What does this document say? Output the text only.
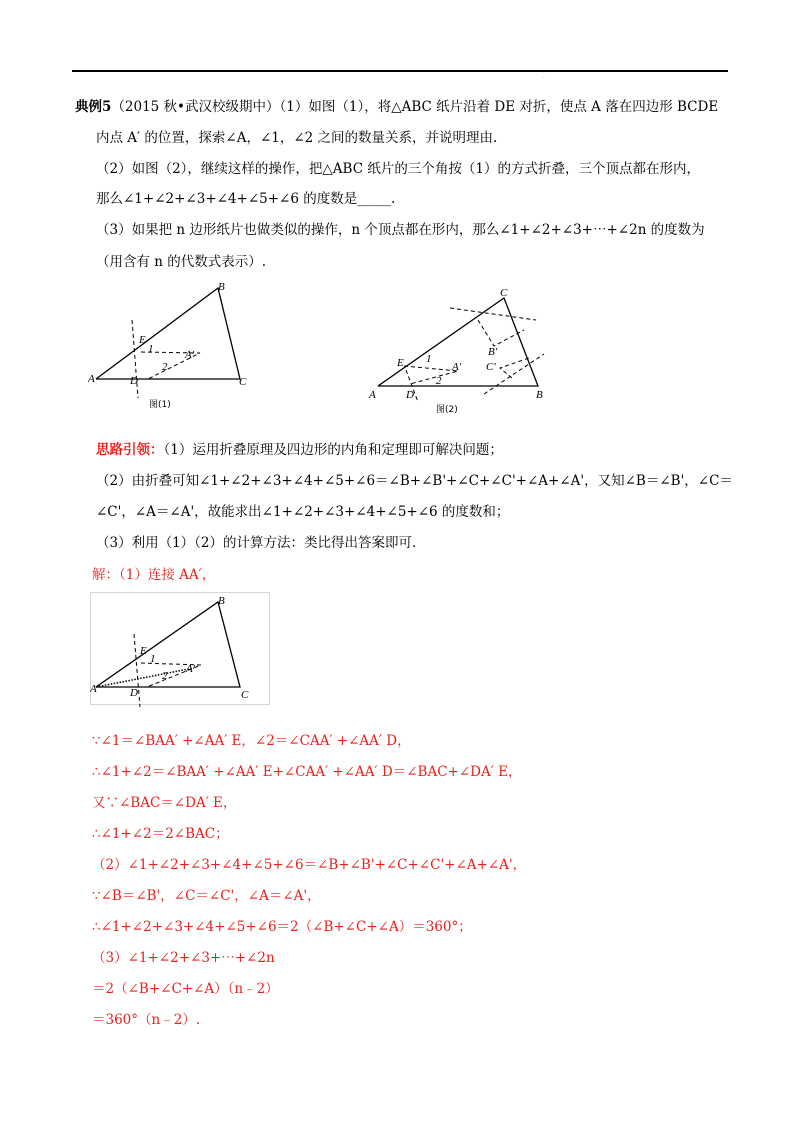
.
典例5（2015 秋•武汉校级期中）（1）如图（1），将△ABC 纸片沿着 DE 对折，使点 A 落在四边形 BCDE
内点 A′ 的位置，探索∠A，∠1，∠2 之间的数量关系，并说明理由.
（2）如图（2），继续这样的操作，把△ABC 纸片的三个角按（1）的方式折叠，三个顶点都在形内，
那么∠1+∠2+∠3+∠4+∠5+∠6 的度数是_____.
（3）如果把 n 边形纸片也做类似的操作，n 个顶点都在形内，那么∠1+∠2+∠3+⋯+∠2n 的度数为
（用含有 n 的代数式表示）.
A
B
C
D
E
A'
1
2
图(1)
A	B
C
D
E	A'
B'
C'
1
2
图(2)
思路引领：（1）运用折叠原理及四边形的内角和定理即可解决问题；
（2）由折叠可知∠1+∠2+∠3+∠4+∠5+∠6＝∠B+∠B'+∠C+∠C'+∠A+∠A'，又知∠B＝∠B'，∠C＝
∠C'，∠A＝∠A'，故能求出∠1+∠2+∠3+∠4+∠5+∠6 的度数和；
（3）利用（1）（2）的计算方法：类比得出答案即可.
解：（1）连接 AA′，
A
B
C
D
E
A'
1
2
∵∠1＝∠BAA′ +∠AA′ E，∠2＝∠CAA′ +∠AA′ D，
∴∠1+∠2＝∠BAA′ +∠AA′ E+∠CAA′ +∠AA′ D＝∠BAC+∠DA′ E，
又∵∠BAC＝∠DA′ E，
∴∠1+∠2＝2∠BAC；
（2）∠1+∠2+∠3+∠4+∠5+∠6＝∠B+∠B'+∠C+∠C'+∠A+∠A'，
∵∠B＝∠B'，∠C＝∠C'，∠A＝∠A'，
∴∠1+∠2+∠3+∠4+∠5+∠6＝2（∠B+∠C+∠A）＝360°；
（3）∠1+∠2+∠3+⋯+∠2n
＝2（∠B+∠C+∠A）（n﹣2）
＝360°（n﹣2）.
